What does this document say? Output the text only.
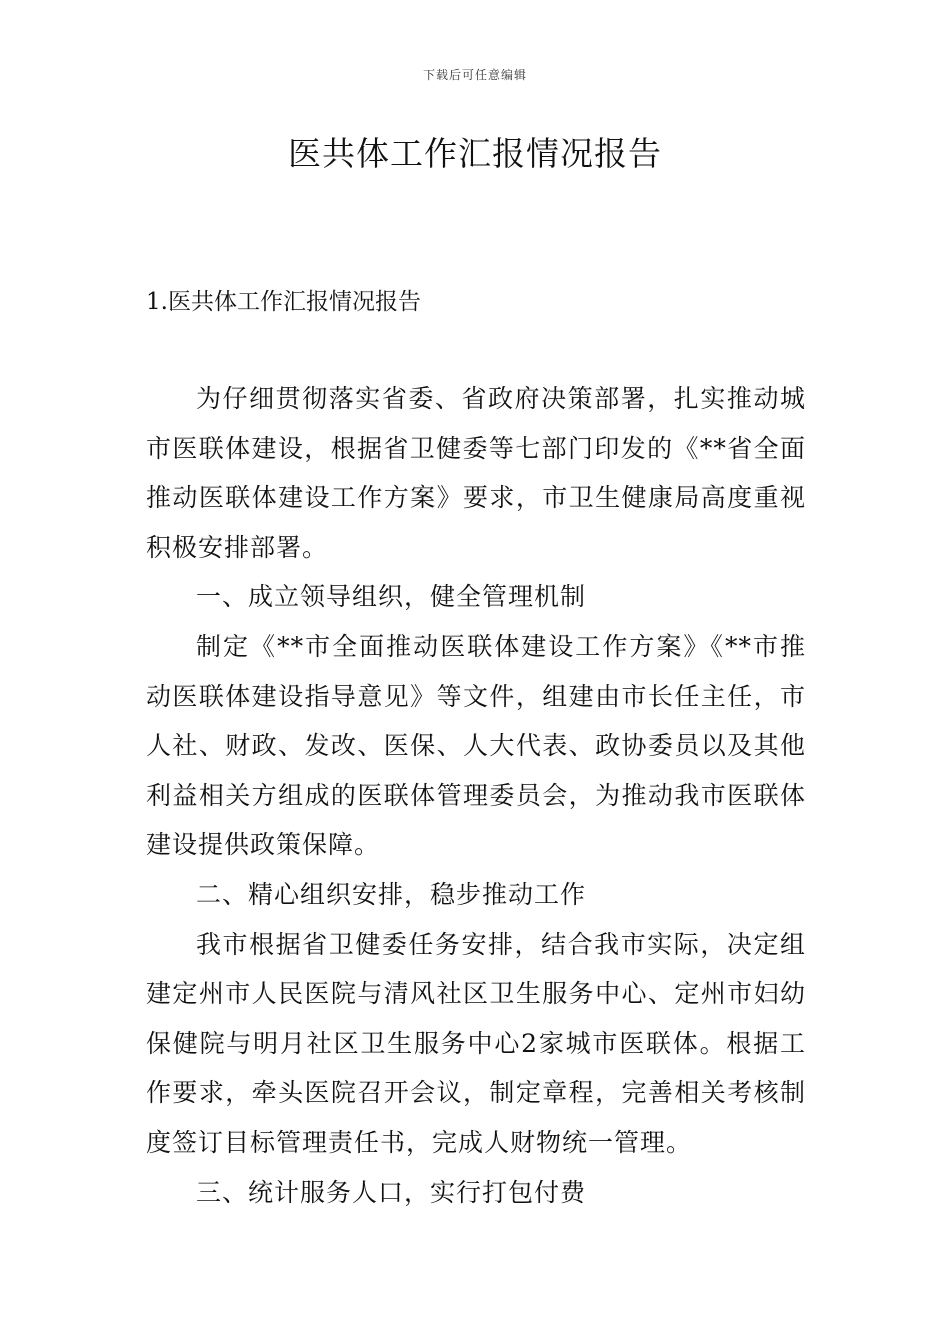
下载后可任意编辑
医共体工作汇报情况报告
1.医共体工作汇报情况报告

为仔细贯彻落实省委、省政府决策部署，扎实推动城市医联体建设，根据省卫健委等七部门印发的《**省全面推动医联体建设工作方案》要求，市卫生健康局高度重视积极安排部署。

一、成立领导组织，健全管理机制

制定《**市全面推动医联体建设工作方案》《**市推动医联体建设指导意见》等文件，组建由市长任主任，市人社、财政、发改、医保、人大代表、政协委员以及其他利益相关方组成的医联体管理委员会，为推动我市医联体建设提供政策保障。

二、精心组织安排，稳步推动工作

我市根据省卫健委任务安排，结合我市实际，决定组建定州市人民医院与清风社区卫生服务中心、定州市妇幼保健院与明月社区卫生服务中心2家城市医联体。根据工作要求，牵头医院召开会议，制定章程，完善相关考核制度签订目标管理责任书，完成人财物统一管理。

三、统计服务人口，实行打包付费
